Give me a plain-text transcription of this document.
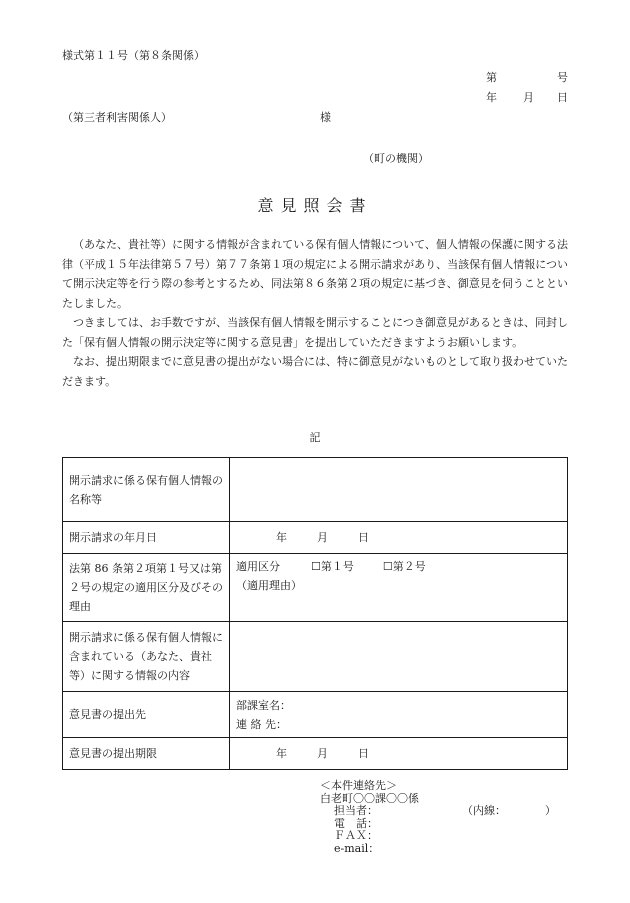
様式第１１号（第８条関係）
第	号
年 月 日
（第三者利害関係人）	様
（町の機関）
意見照会書

（あなた、貴社等）に関する情報が含まれている保有個人情報について、個人情報の保護に関する法律（平成１５年法律第５７号）第７７条第１項の規定による開示請求があり、当該保有個人情報について開示決定等を行う際の参考とするため、同法第８６条第２項の規定に基づき、御意見を伺うことといたしました。

つきましては、お手数ですが、当該保有個人情報を開示することにつき御意見があるときは、同封した「保有個人情報の開示決定等に関する意見書」を提出していただきますようお願いします。

なお、提出期限までに意見書の提出がない場合には、特に御意見がないものとして取り扱わせていただきます。

記
開示請求に係る保有個人情報の名称等	
開示請求の年月日	年 月 日
法第 86 条第２項第１号又は第２号の規定の適用区分及びその理由	適用区分 ☐第１号 ☐第２号
（適用理由）

開示請求に係る保有個人情報に含まれている（あなた、貴社等）に関する情報の内容	
意見書の提出先	部課室名：
連 絡 先：

意見書の提出期限	年 月 日
＜本件連絡先＞
白老町〇〇課〇〇係
担当者：	（内線：	）
電　話：
ＦＡＸ：
e-mail：
